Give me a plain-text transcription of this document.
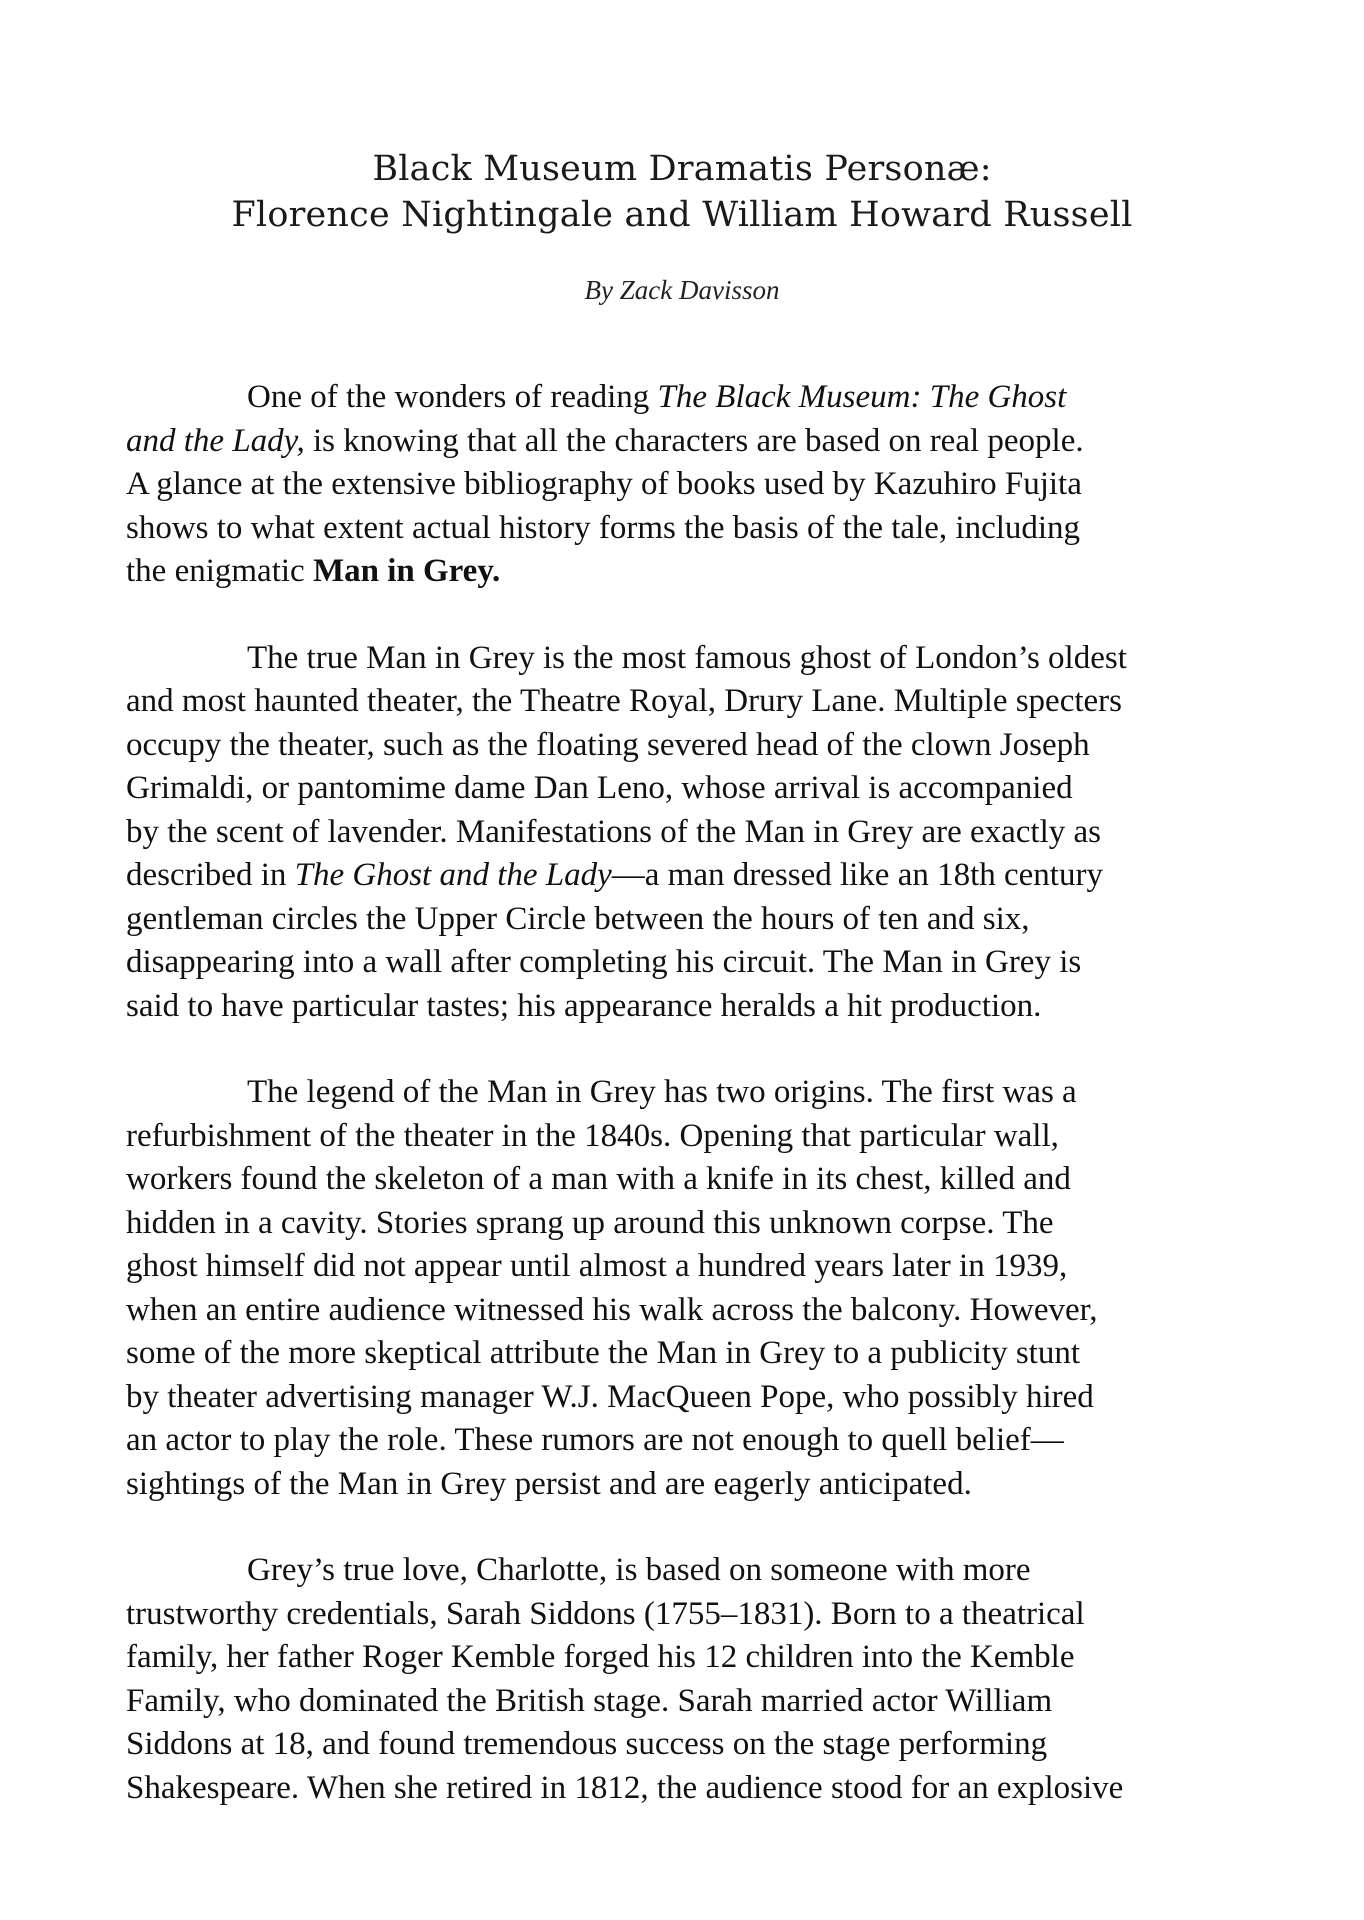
Black Museum Dramatis Personæ:
Florence Nightingale and William Howard Russell
By Zack Davisson
One of the wonders of reading The Black Museum: The Ghost
and the Lady, is knowing that all the characters are based on real people.
A glance at the extensive bibliography of books used by Kazuhiro Fujita
shows to what extent actual history forms the basis of the tale, including
the enigmatic Man in Grey.
The true Man in Grey is the most famous ghost of London’s oldest
and most haunted theater, the Theatre Royal, Drury Lane. Multiple specters
occupy the theater, such as the floating severed head of the clown Joseph
Grimaldi, or pantomime dame Dan Leno, whose arrival is accompanied
by the scent of lavender. Manifestations of the Man in Grey are exactly as
described in The Ghost and the Lady—a man dressed like an 18th century
gentleman circles the Upper Circle between the hours of ten and six,
disappearing into a wall after completing his circuit. The Man in Grey is
said to have particular tastes; his appearance heralds a hit production.
The legend of the Man in Grey has two origins. The first was a
refurbishment of the theater in the 1840s. Opening that particular wall,
workers found the skeleton of a man with a knife in its chest, killed and
hidden in a cavity. Stories sprang up around this unknown corpse. The
ghost himself did not appear until almost a hundred years later in 1939,
when an entire audience witnessed his walk across the balcony. However,
some of the more skeptical attribute the Man in Grey to a publicity stunt
by theater advertising manager W.J. MacQueen Pope, who possibly hired
an actor to play the role. These rumors are not enough to quell belief—
sightings of the Man in Grey persist and are eagerly anticipated.
Grey’s true love, Charlotte, is based on someone with more
trustworthy credentials, Sarah Siddons (1755–1831). Born to a theatrical
family, her father Roger Kemble forged his 12 children into the Kemble
Family, who dominated the British stage. Sarah married actor William
Siddons at 18, and found tremendous success on the stage performing
Shakespeare. When she retired in 1812, the audience stood for an explosive
